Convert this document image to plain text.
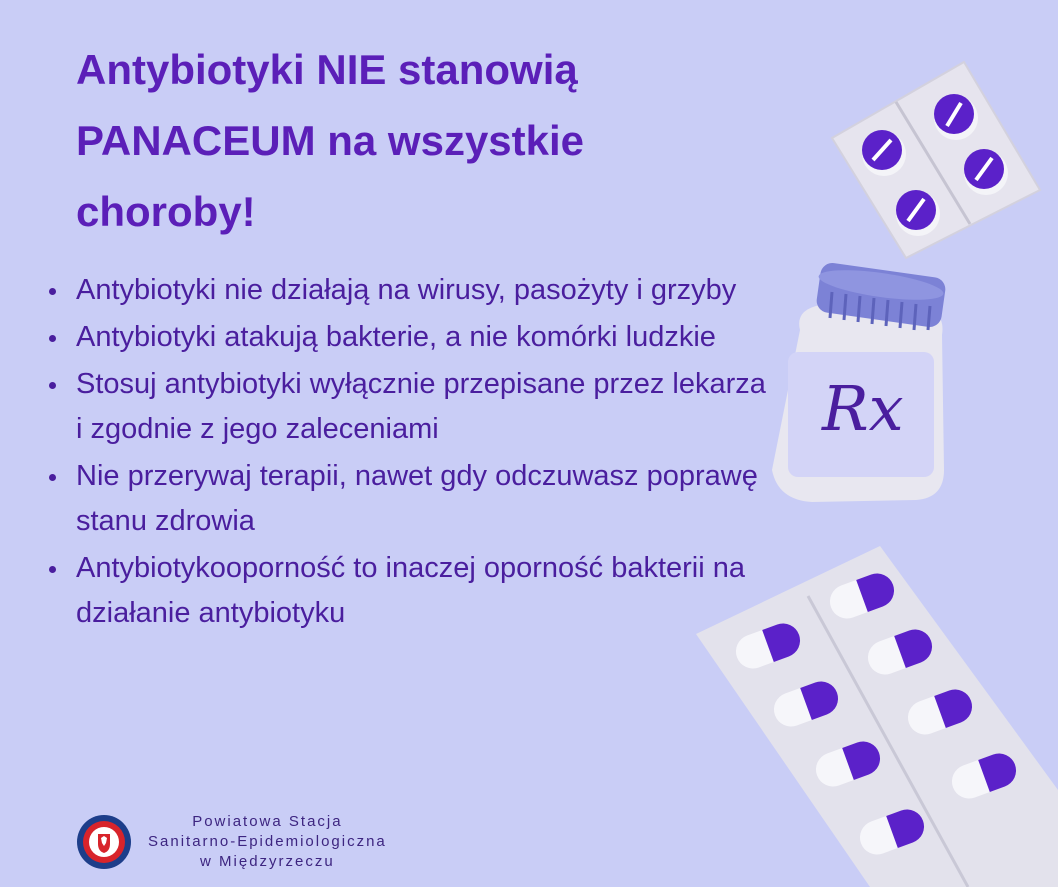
Rx
Antybiotyki NIE stanowią PANACEUM na wszystkie choroby!
Antybiotyki nie działają na wirusy, pasożyty i grzyby
Antybiotyki atakują bakterie, a nie komórki ludzkie
Stosuj antybiotyki wyłącznie przepisane przez lekarza i zgodnie z jego zaleceniami
Nie przerywaj terapii, nawet gdy odczuwasz poprawę stanu zdrowia
Antybiotykooporność to inaczej oporność bakterii na działanie antybiotyku
Powiatowa Stacja
Sanitarno-Epidemiologiczna
w Międzyrzeczu
